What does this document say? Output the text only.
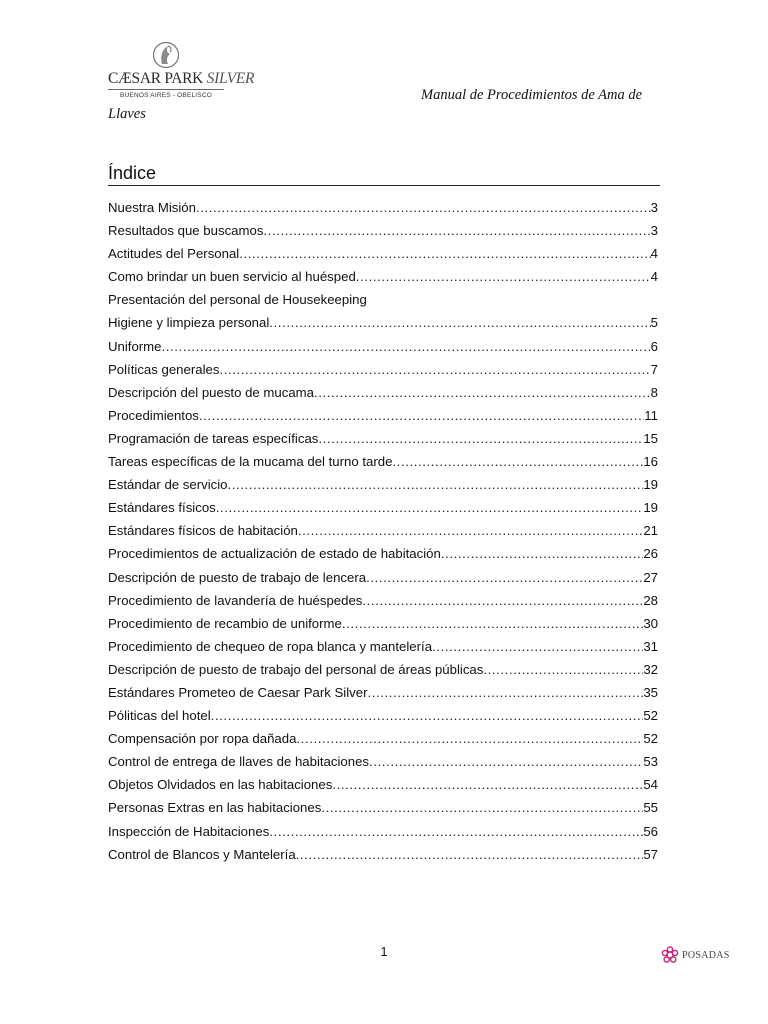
CÆSAR PARK SILVER
BUENOS AIRES - OBELISCO	Manual de Procedimientos de Ama de Llaves
Índice
Nuestra Misión .....	3
Resultados que buscamos .....	3
Actitudes del Personal .....	4
Como brindar un buen servicio al huésped .....	4
Presentación del personal de Housekeeping
Higiene y limpieza personal .....	5
Uniforme .....	6
Políticas generales .....	7
Descripción del puesto de mucama .....	8
Procedimientos .....	11
Programación de tareas específicas .....	15
Tareas específicas de la mucama del turno tarde .....	16
Estándar de servicio .....	19
Estándares físicos .....	19
Estándares físicos de habitación .....	21
Procedimientos de actualización de estado de habitación .....	26
Descripción de puesto de trabajo de lencera .....	27
Procedimiento de lavandería de huéspedes .....	28
Procedimiento de recambio de uniforme .....	30
Procedimiento de chequeo de ropa blanca y mantelería .....	31
Descripción de puesto de trabajo del personal de áreas públicas .....	32
Estándares Prometeo de Caesar Park Silver .....	35
Póliticas del hotel .....	52
Compensación por ropa dañada .....	52
Control de entrega de llaves de habitaciones .....	53
Objetos Olvidados en las habitaciones .....	54
Personas Extras en las habitaciones .....	55
Inspección de Habitaciones .....	56
Control de Blancos y Mantelería .....	57
1	POSADAS
